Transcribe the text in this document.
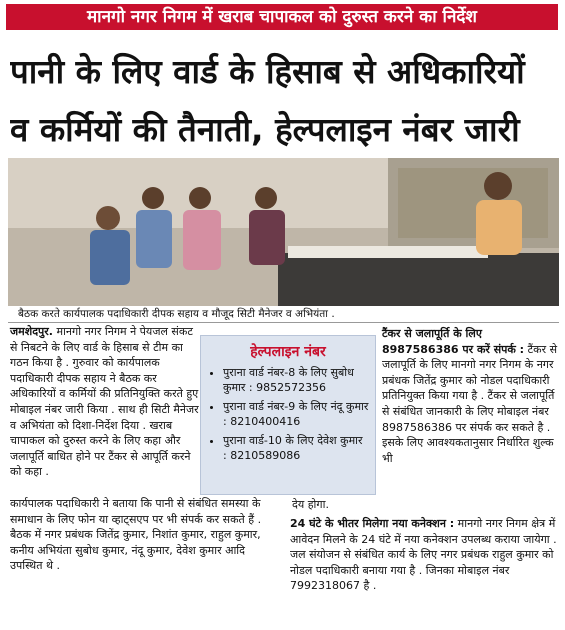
मानगो नगर निगम में खराब चापाकल को दुरुस्त करने का निर्देश
पानी के लिए वार्ड के हिसाब से अधिकारियों
व कर्मियों की तैनाती, हेल्पलाइन नंबर जारी
बैठक करते कार्यपालक पदाधिकारी दीपक सहाय व मौजूद सिटी मैनेजर व अभियंता .

जमशेदपुर. मानगो नगर निगम ने पेयजल संकट से निबटने के लिए वार्ड के हिसाब से टीम का गठन किया है . गुरुवार को कार्यपालक पदाधिकारी दीपक सहाय ने बैठक कर अधिकारियों व कर्मियों की प्रतिनियुक्ति करते हुए मोबाइल नंबर जारी किया . साथ ही सिटी मैनेजर व अभियंता को दिशा-निर्देश दिया . खराब चापाकल को दुरुस्त करने के लिए कहा और जलापूर्ति बाधित होने पर टैंकर से आपूर्ति करने को कहा .

हेल्पलाइन नंबर
• पुराना वार्ड नंबर-8 के लिए सुबोध कुमार : 9852572356
• पुराना वार्ड नंबर-9 के लिए नंदू कुमार : 8210400416
• पुराना वार्ड-10 के लिए देवेश कुमार : 8210589086

टैंकर से जलापूर्ति के लिए
8987586386 पर करें संपर्क : टैंकर से जलापूर्ति के लिए मानगो नगर निगम के नगर प्रबंधक जितेंद्र कुमार को नोडल पदाधिकारी प्रतिनियुक्त किया गया है . टैंकर से जलापूर्ति से संबंधित जानकारी के लिए मोबाइल नंबर 8987586386 पर संपर्क कर सकते है . इसके लिए आवश्यकतानुसार निर्धारित शुल्क भी

कार्यपालक पदाधिकारी ने बताया कि पानी से संबंधित समस्या के समाधान के लिए फोन या व्हाट्सएप पर भी संपर्क कर सकते हैं . बैठक में नगर प्रबंधक जितेंद्र कुमार, निशांत कुमार, राहुल कुमार, कनीय अभियंता सुबोध कुमार, नंदू कुमार, देवेश कुमार आदि उपस्थित थे .

देय होगा.

24 घंटे के भीतर मिलेगा नया कनेक्शन : मानगो नगर निगम क्षेत्र में आवेदन मिलने के 24 घंटे में नया कनेक्शन उपलब्ध कराया जायेगा . जल संयोजन से संबंधित कार्य के लिए नगर प्रबंधक राहुल कुमार को नोडल पदाधिकारी बनाया गया है . जिनका मोबाइल नंबर 7992318067 है .
